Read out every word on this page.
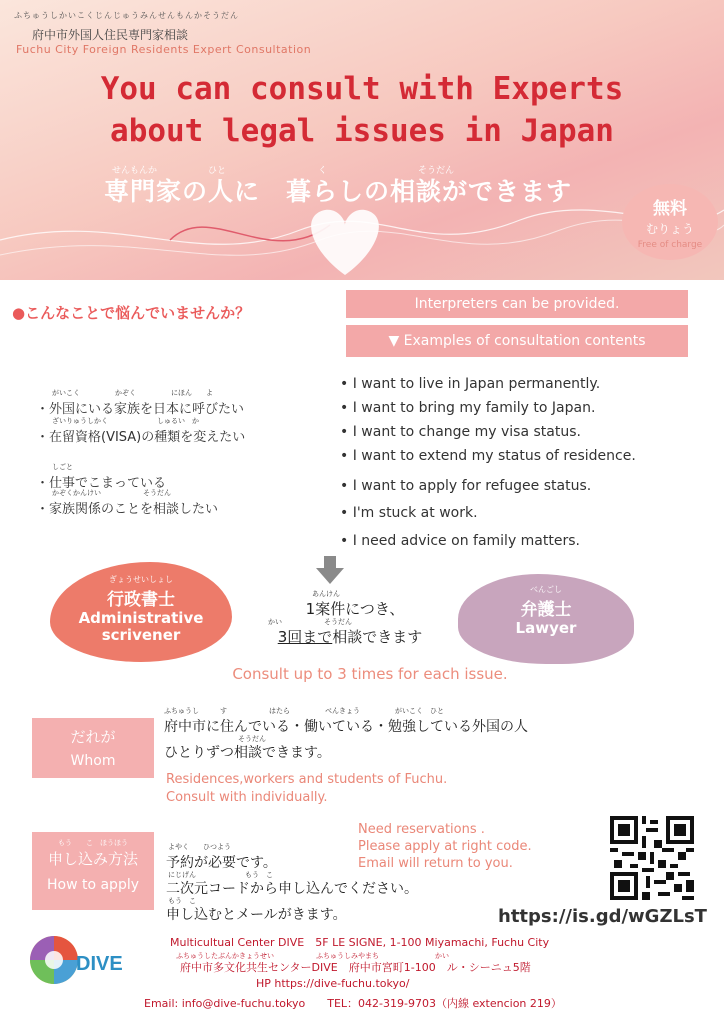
ふちゅうしかいこくじんじゅうみんせんもんかそうだん
府中市外国人住民専門家相談
Fuchu City Foreign Residents Expert Consultation
You can consult with Experts
about legal issues in Japan
せんもんか	ひと	く	そうだん
専門家の人に　暮らしの相談ができます
無料
むりょう
Free of charge
●こんなことで悩んでいませんか？	Interpreters can be provided.
▼ Examples of consultation contents
がいこく　　　　　かぞく　　　　　にほん　　よ
・外国にいる家族を日本に呼びたい
ざいりゅうしかく　　　　　　　しゅるい　か
・在留資格(VISA)の種類を変えたい
しごと
・仕事でこまっている
かぞくかんけい　　　　　　そうだん
・家族関係のことを相談したい
• I want to live in Japan permanently.
• I want to bring my family to Japan.
• I want to change my visa status.
• I want to extend my status of residence.
• I want to apply for refugee status.
• I'm stuck at work.
• I need advice on family matters.
ぎょうせいしょし
行政書士
Administrative
scrivener
べんごし
弁護士
Lawyer
あんけん
1案件につき、
かい　　　　　　そうだん
3回まで相談できます
Consult up to 3 times for each issue.
だれが
Whom
ふちゅうし　　　す　　　　　　はたら　　　　　べんきょう　　　　　がいこく　ひと
府中市に住んでいる・働いている・勉強している外国の人
そうだん
ひとりずつ相談できます。
Residences,workers and students of Fuchu.
Consult with individually.
もう　　こ　ほうほう
申し込み方法
How to apply
よやく　　ひつよう
予約が必要です。
にじげん　　　　　　　もう　こ
二次元コードから申し込んでください。
もう　こ
申し込むとメールがきます。
Need reservations .
Please apply at right code.
Email will return to you.
https://is.gd/wGZLsT
DIVE
Multicultual Center DIVE　5F LE SIGNE, 1-100 Miyamachi, Fuchu City
ふちゅうしたぶんかきょうせい　　　　　　ふちゅうしみやまち　　　　　　　　かい
府中市多文化共生センターDIVE　府中市宮町1-100　ル・シーニュ5階
HP https://dive-fuchu.tokyo/
Email: info@dive-fuchu.tokyo　　TEL：042-319-9703（内線 extencion 219）
